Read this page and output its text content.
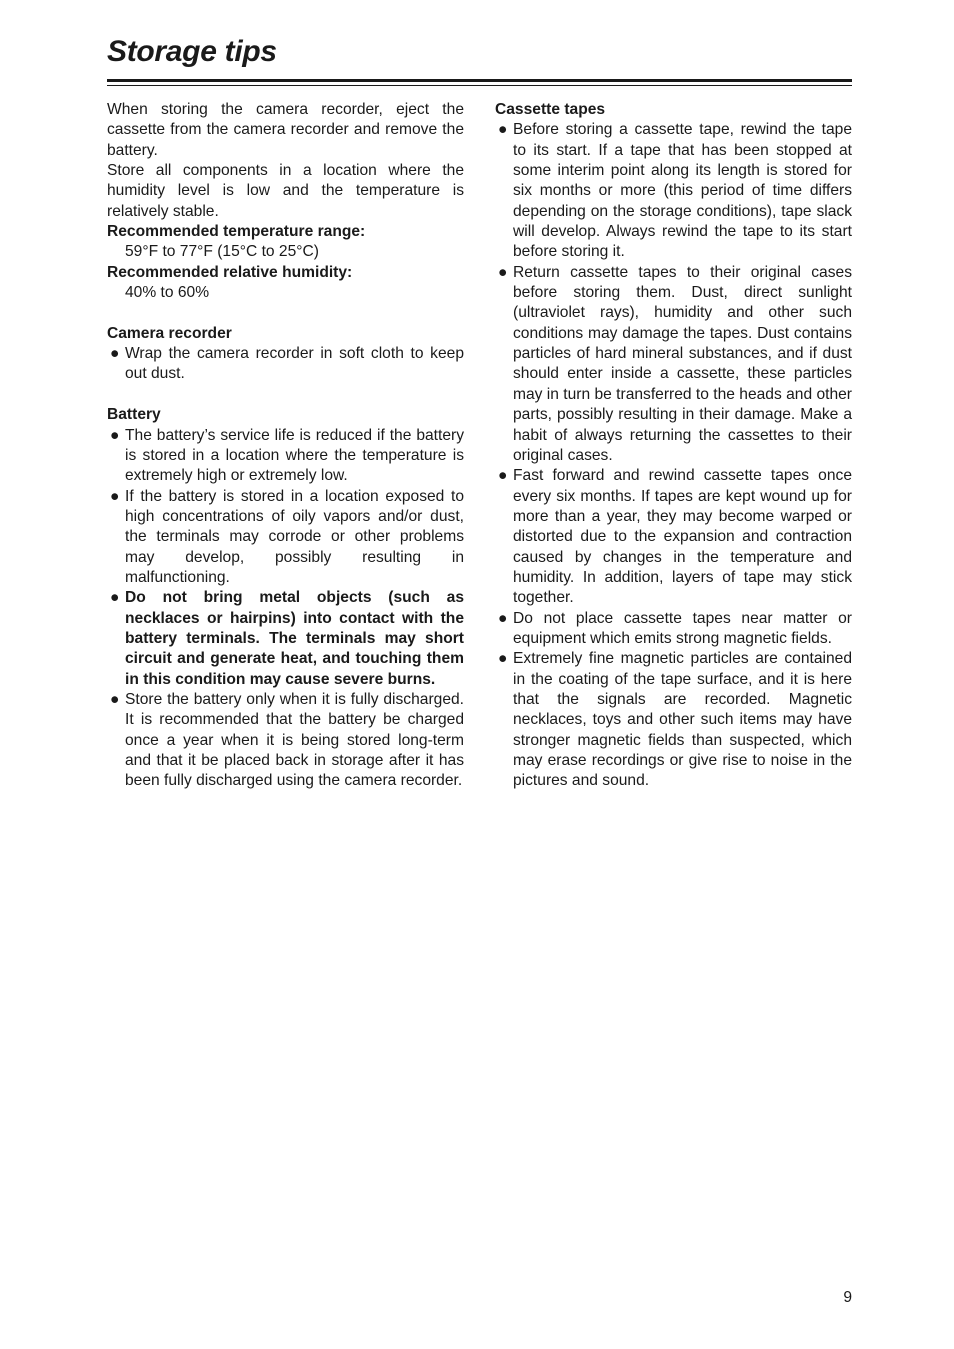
Storage tips

When storing the camera recorder, eject the cassette from the camera recorder and remove the battery.

Store all components in a location where the humidity level is low and the temperature is relatively stable.

Recommended temperature range:

59°F to 77°F (15°C to 25°C)

Recommended relative humidity:

40% to 60%

Camera recorder

● Wrap the camera recorder in soft cloth to keep out dust.

Battery

● The battery’s service life is reduced if the battery is stored in a location where the temperature is extremely high or extremely low.
● If the battery is stored in a location exposed to high concentrations of oily vapors and/or dust, the terminals may corrode or other problems may develop, possibly resulting in malfunctioning.
● Do not bring metal objects (such as necklaces or hairpins) into contact with the battery terminals. The terminals may short circuit and generate heat, and touching them in this condition may cause severe burns.
● Store the battery only when it is fully discharged. It is recommended that the battery be charged once a year when it is being stored long-term and that it be placed back in storage after it has been fully discharged using the camera recorder.

Cassette tapes

● Before storing a cassette tape, rewind the tape to its start. If a tape that has been stopped at some interim point along its length is stored for six months or more (this period of time differs depending on the storage conditions), tape slack will develop. Always rewind the tape to its start before storing it.
● Return cassette tapes to their original cases before storing them. Dust, direct sunlight (ultraviolet rays), humidity and other such conditions may damage the tapes. Dust contains particles of hard mineral substances, and if dust should enter inside a cassette, these particles may in turn be transferred to the heads and other parts, possibly resulting in their damage. Make a habit of always returning the cassettes to their original cases.
● Fast forward and rewind cassette tapes once every six months. If tapes are kept wound up for more than a year, they may become warped or distorted due to the expansion and contraction caused by changes in the temperature and humidity. In addition, layers of tape may stick together.
● Do not place cassette tapes near matter or equipment which emits strong magnetic fields.
● Extremely fine magnetic particles are contained in the coating of the tape surface, and it is here that the signals are recorded. Magnetic necklaces, toys and other such items may have stronger magnetic fields than suspected, which may erase recordings or give rise to noise in the pictures and sound.
9
